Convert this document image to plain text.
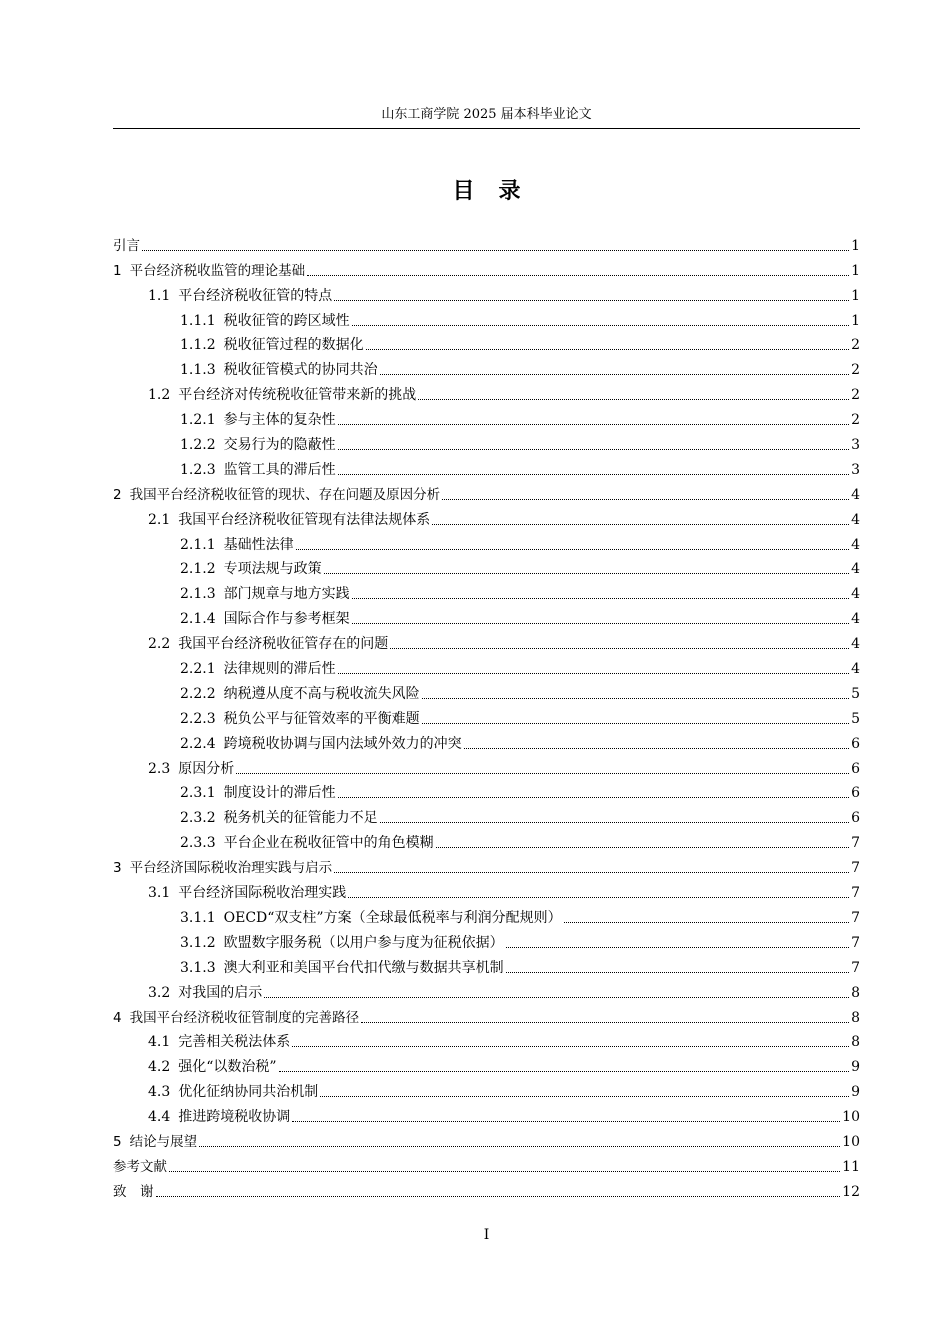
山东工商学院 2025 届本科毕业论文
目录
引言	1
1 平台经济税收监管的理论基础	1
1.1 平台经济税收征管的特点	1
1.1.1 税收征管的跨区域性	1
1.1.2 税收征管过程的数据化	2
1.1.3 税收征管模式的协同共治	2
1.2 平台经济对传统税收征管带来新的挑战	2
1.2.1 参与主体的复杂性	2
1.2.2 交易行为的隐蔽性	3
1.2.3 监管工具的滞后性	3
2 我国平台经济税收征管的现状、存在问题及原因分析	4
2.1 我国平台经济税收征管现有法律法规体系	4
2.1.1 基础性法律	4
2.1.2 专项法规与政策	4
2.1.3 部门规章与地方实践	4
2.1.4 国际合作与参考框架	4
2.2 我国平台经济税收征管存在的问题	4
2.2.1 法律规则的滞后性	4
2.2.2 纳税遵从度不高与税收流失风险	5
2.2.3 税负公平与征管效率的平衡难题	5
2.2.4 跨境税收协调与国内法域外效力的冲突	6
2.3 原因分析	6
2.3.1 制度设计的滞后性	6
2.3.2 税务机关的征管能力不足	6
2.3.3 平台企业在税收征管中的角色模糊	7
3 平台经济国际税收治理实践与启示	7
3.1 平台经济国际税收治理实践	7
3.1.1 OECD“双支柱”方案（全球最低税率与利润分配规则）	7
3.1.2 欧盟数字服务税（以用户参与度为征税依据）	7
3.1.3 澳大利亚和美国平台代扣代缴与数据共享机制	7
3.2 对我国的启示	8
4 我国平台经济税收征管制度的完善路径	8
4.1 完善相关税法体系	8
4.2 强化“以数治税”	9
4.3 优化征纳协同共治机制	9
4.4 推进跨境税收协调	10
5 结论与展望	10
参考文献	11
致　谢	12
I
